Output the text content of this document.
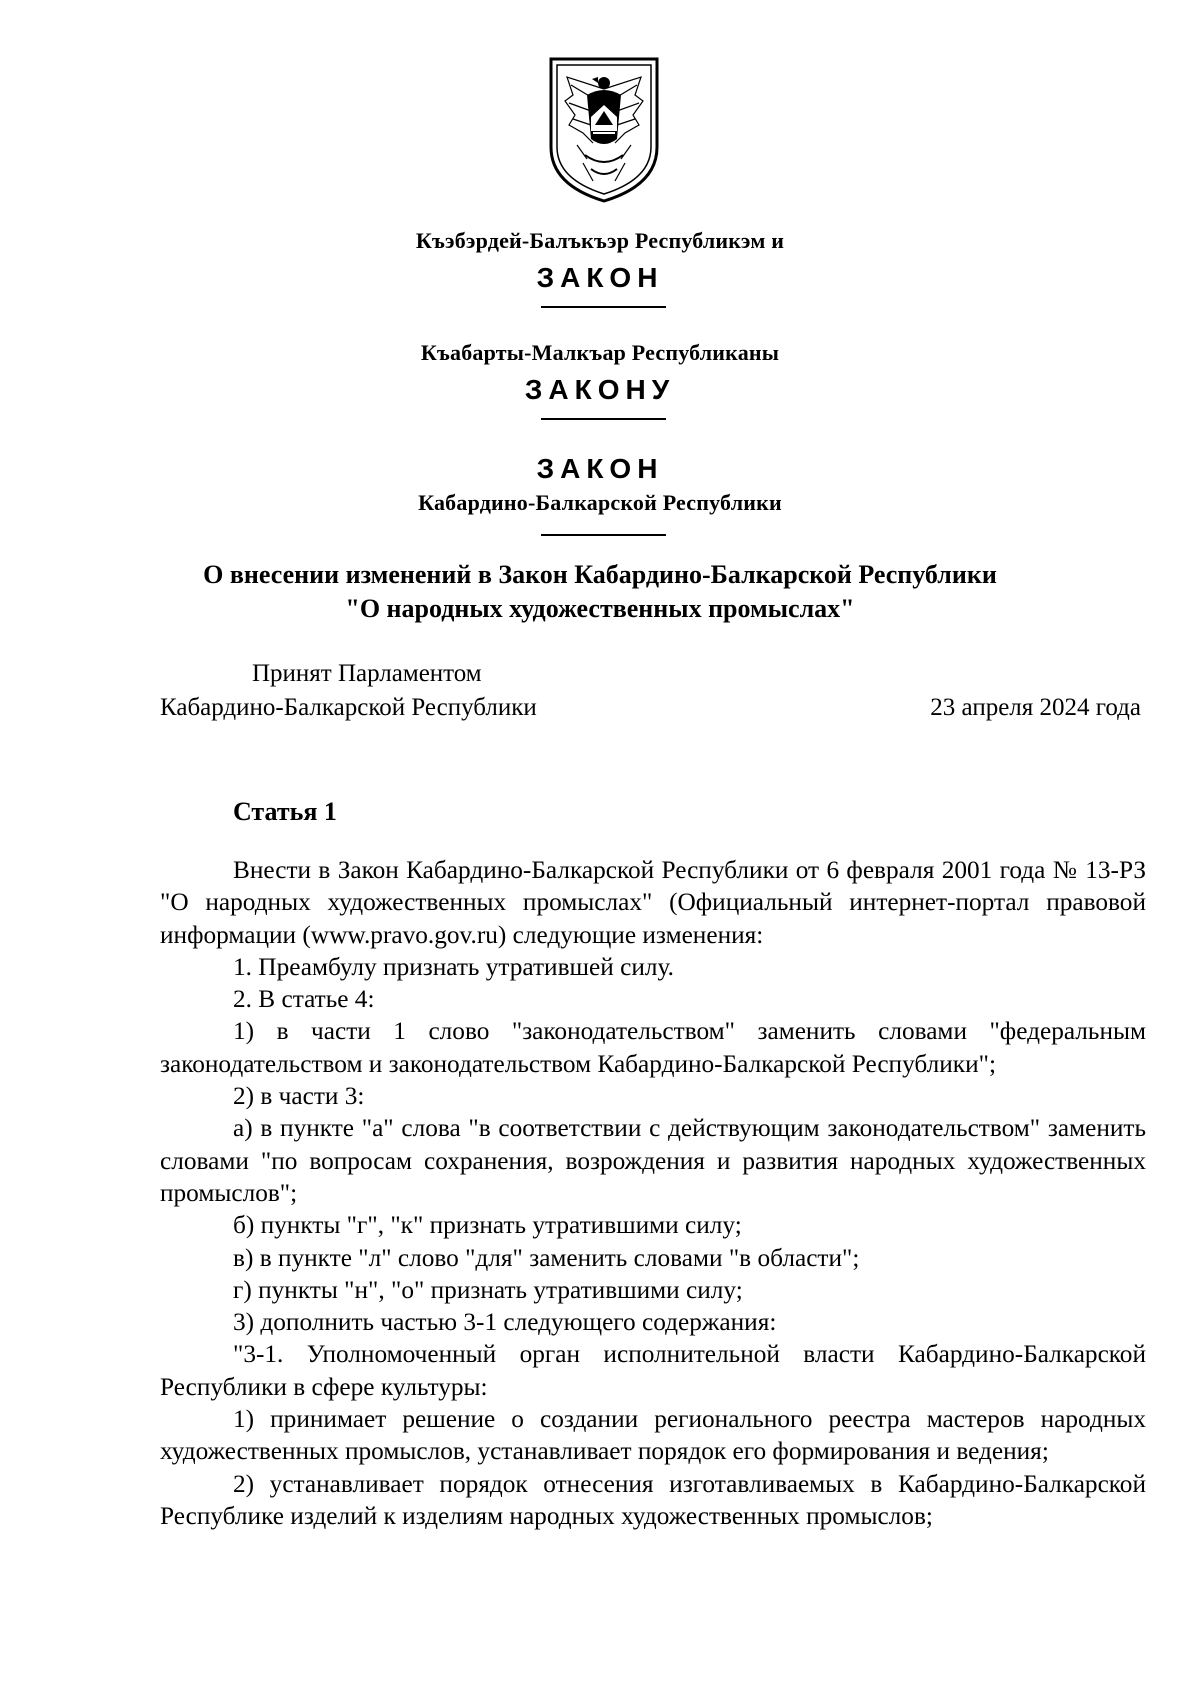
Къэбэрдей-Балъкъэр Республикэм и
ЗАКОН
Къабарты-Малкъар Республиканы
ЗАКОНУ
ЗАКОН
Кабардино-Балкарской Республики
О внесении изменений в Закон Кабардино-Балкарской Республики
"О народных художественных промыслах"
Принят Парламентом
Кабардино-Балкарской Республики	23 апреля 2024 года
Статья 1

Внести в Закон Кабардино-Балкарской Республики от 6 февраля 2001 года № 13-РЗ "О народных художественных промыслах" (Официальный интернет-портал правовой информации (www.pravo.gov.ru) следующие изменения:

1. Преамбулу признать утратившей силу.

2. В статье 4:

1) в части 1 слово "законодательством" заменить словами "федеральным законодательством и законодательством Кабардино-Балкарской Республики";

2) в части 3:

а) в пункте "а" слова "в соответствии с действующим законодательством" заменить словами "по вопросам сохранения, возрождения и развития народных художественных промыслов";

б) пункты "г", "к" признать утратившими силу;

в) в пункте "л" слово "для" заменить словами "в области";

г) пункты "н", "о" признать утратившими силу;

3) дополнить частью 3-1 следующего содержания:

"3-1. Уполномоченный орган исполнительной власти Кабардино-Балкарской Республики в сфере культуры:

1) принимает решение о создании регионального реестра мастеров народных художественных промыслов, устанавливает порядок его формирования и ведения;

2) устанавливает порядок отнесения изготавливаемых в Кабардино-Балкарской Республике изделий к изделиям народных художественных промыслов;
